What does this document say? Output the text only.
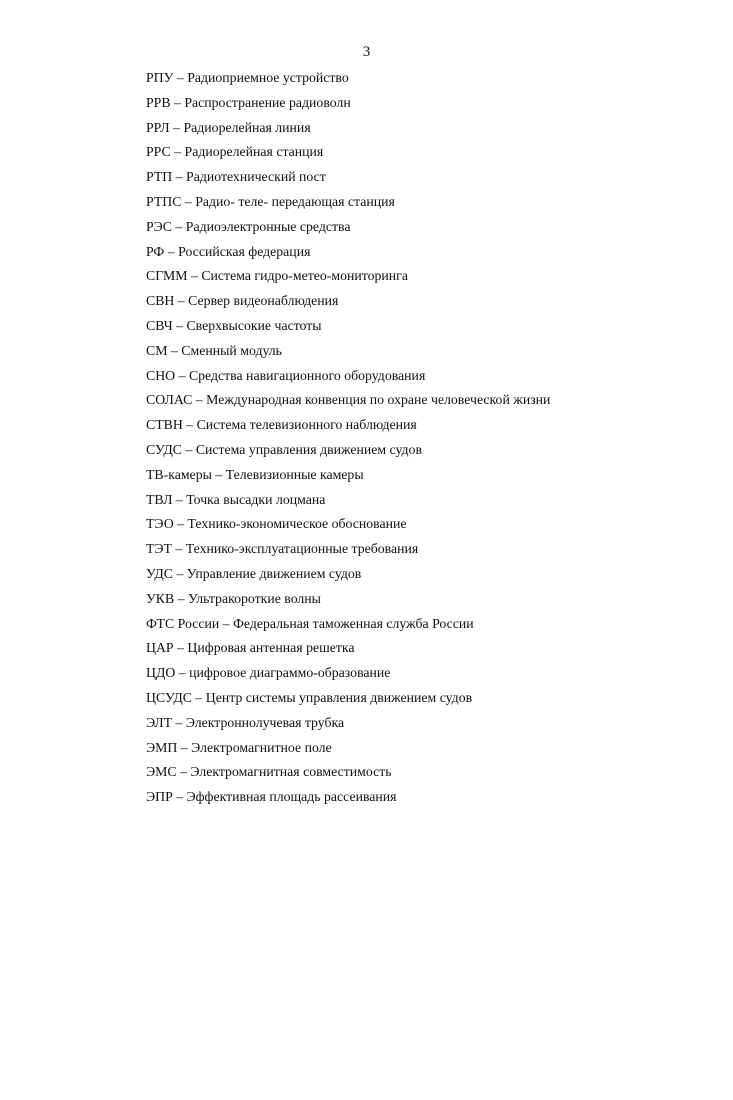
3
РПУ – Радиоприемное устройство
РРВ – Распространение радиоволн
РРЛ – Радиорелейная линия
РРС – Радиорелейная станция
РТП – Радиотехнический пост
РТПС – Радио- теле- передающая станция
РЭС – Радиоэлектронные средства
РФ – Российская федерация
СГММ – Система гидро-метео-мониторинга
СВН – Сервер видеонаблюдения
СВЧ – Сверхвысокие частоты
СМ – Сменный модуль
СНО – Средства навигационного оборудования
СОЛАС – Международная конвенция по охране человеческой жизни
СТВН – Система телевизионного наблюдения
СУДС – Система управления движением судов
ТВ-камеры – Телевизионные камеры
ТВЛ – Точка высадки лоцмана
ТЭО – Технико-экономическое обоснование
ТЭТ – Технико-эксплуатационные требования
УДС – Управление движением судов
УКВ – Ультракороткие волны
ФТС России – Федеральная таможенная служба России
ЦАР – Цифровая антенная решетка
ЦДО – цифровое диаграммо-образование
ЦСУДС – Центр системы управления движением судов
ЭЛТ – Электроннолучевая трубка
ЭМП – Электромагнитное поле
ЭМС – Электромагнитная совместимость
ЭПР – Эффективная площадь рассеивания
